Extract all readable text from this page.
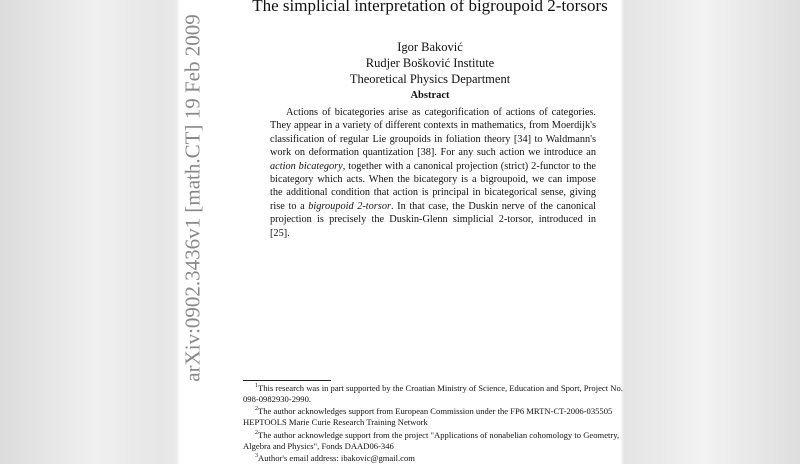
arXiv:0902.3436v1 [math.CT] 19 Feb 2009
The simplicial interpretation of bigroupoid 2-torsors
Igor Baković
Rudjer Bošković Institute
Theoretical Physics Department
Abstract
Actions of bicategories arise as categorification of actions of categories. They appear in a variety of different contexts in mathematics, from Moerdijk's classification of regular Lie groupoids in foliation theory [34] to Waldmann's work on deformation quantization [38]. For any such action we introduce an action bicategory, together with a canonical projection (strict) 2-functor to the bicategory which acts. When the bicategory is a bigroupoid, we can impose the additional condition that action is principal in bicategorical sense, giving rise to a bigroupoid 2-torsor. In that case, the Duskin nerve of the canonical projection is precisely the Duskin-Glenn simplicial 2-torsor, introduced in [25].

$^1$This research was in part supported by the Croatian Ministry of Science, Education and Sport, Project No. 098-0982930-2990.

$^2$The author acknowledges support from European Commission under the FP6 MRTN-CT-2006-035505 HEPTOOLS Marie Curie Research Training Network

$^2$The author acknowledge support from the project "Applications of nonabelian cohomology to Geometry, Algebra and Physics", Fonds DAAD06-346

$^3$Author's email address: ibakovic@gmail.com
